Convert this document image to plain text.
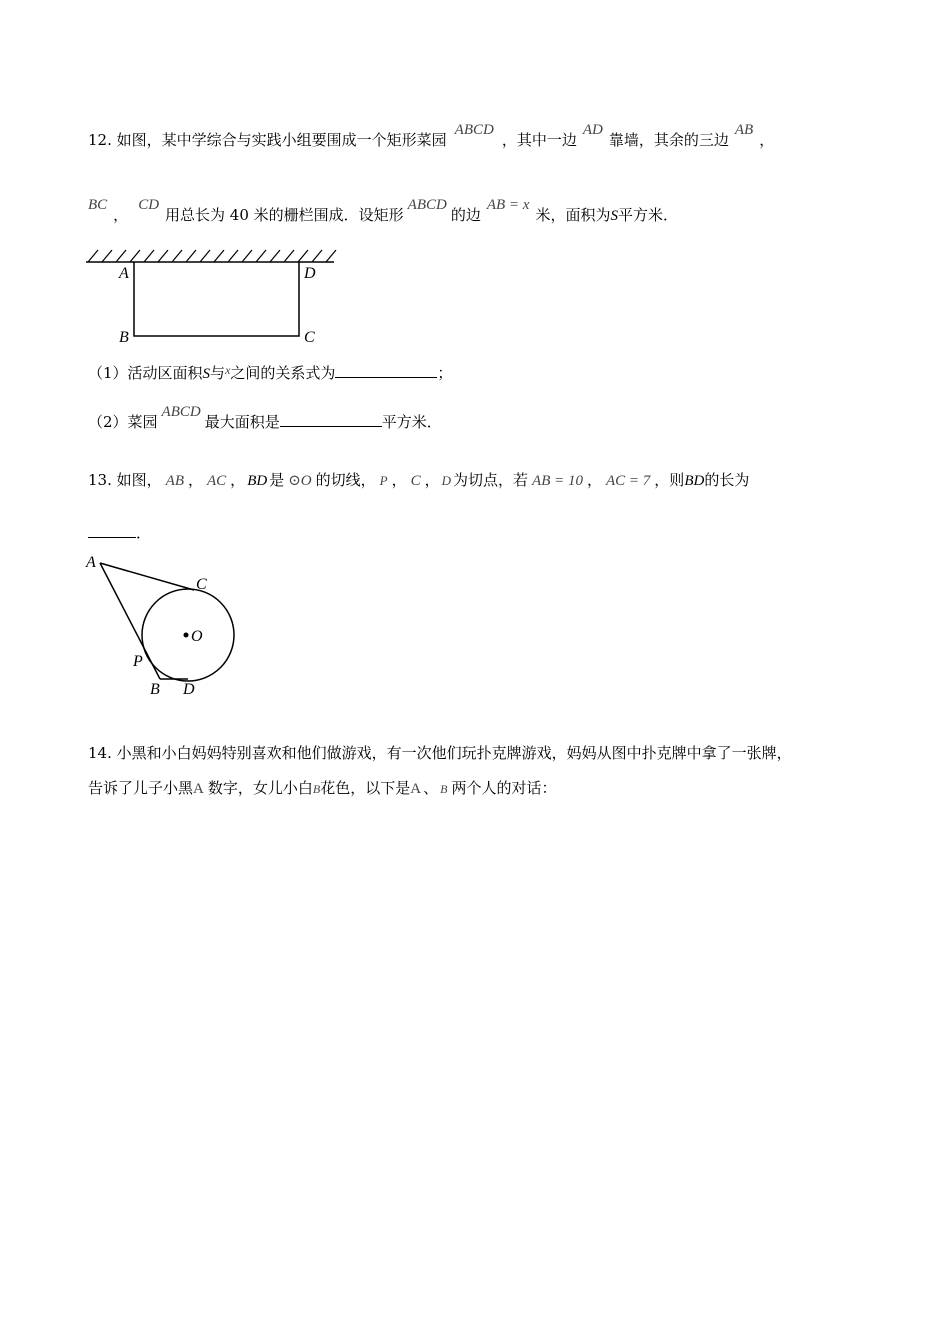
12. 如图，某中学综合与实践小组要围成一个矩形菜园ABCD，其中一边AD靠墙，其余的三边AB，
BC，CD用总长为 40 米的栅栏围成．设矩形ABCD的边AB = x米，面积为S平方米．
A	D
B	C
（1）活动区面积S与$^x$之间的关系式为	；
（2）菜园ABCD最大面积是	平方米．
13. 如图， AB ， AC ， BD 是 ⊙O 的切线， P ， C ， D 为切点，若 AB = 10 ， AC = 7 ，则BD的长为
．
A
C
O
P
B D
14. 小黑和小白妈妈特别喜欢和他们做游戏，有一次他们玩扑克牌游戏，妈妈从图中扑克牌中拿了一张牌，
告诉了儿子小黑A 数字，女儿小白B花色，以下是A 、 B 两个人的对话：
